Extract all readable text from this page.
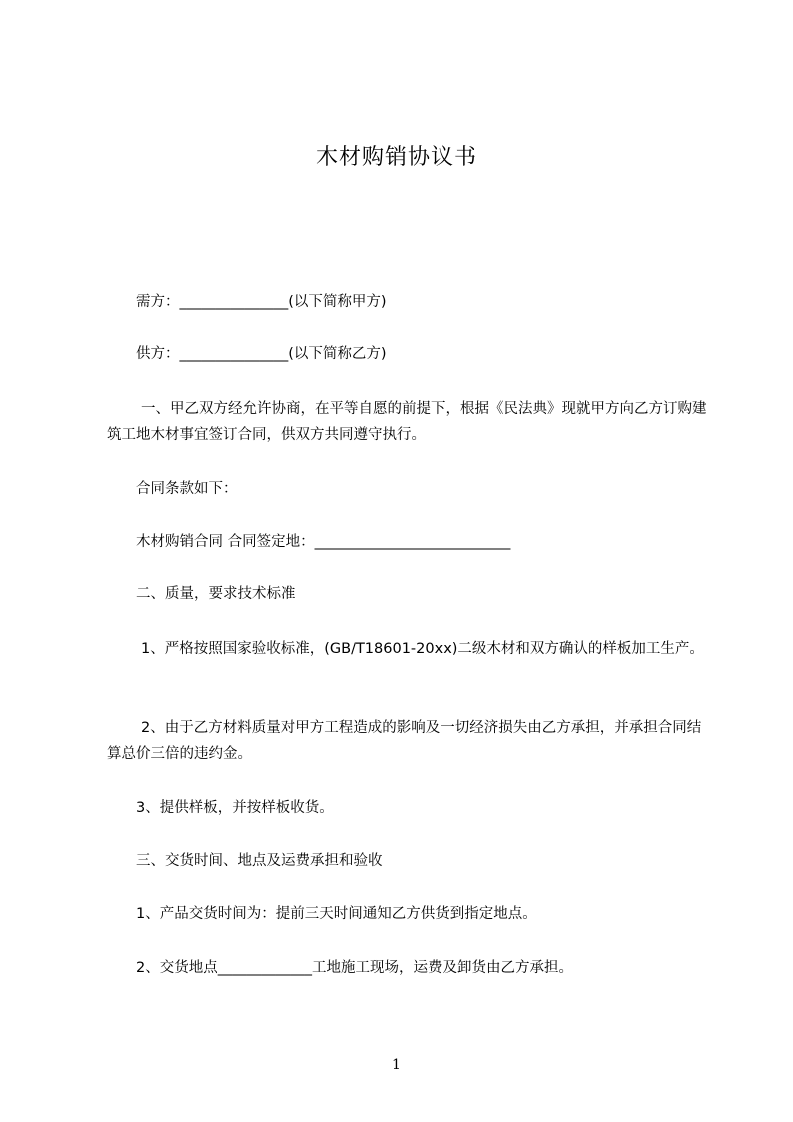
木材购销协议书
需方：_______________(以下简称甲方)
供方：_______________(以下简称乙方)
一、甲乙双方经允许协商，在平等自愿的前提下，根据《民法典》现就甲方向乙方订购建筑工地木材事宜签订合同，供双方共同遵守执行。
合同条款如下：
木材购销合同 合同签定地：___________________________
二、质量，要求技术标准
1、严格按照国家验收标准，(GB/T18601-20xx)二级木材和双方确认的样板加工生产。
2、由于乙方材料质量对甲方工程造成的影响及一切经济损失由乙方承担，并承担合同结算总价三倍的违约金。
3、提供样板，并按样板收货。
三、交货时间、地点及运费承担和验收
1、产品交货时间为：提前三天时间通知乙方供货到指定地点。
2、交货地点_____________工地施工现场，运费及卸货由乙方承担。
1
